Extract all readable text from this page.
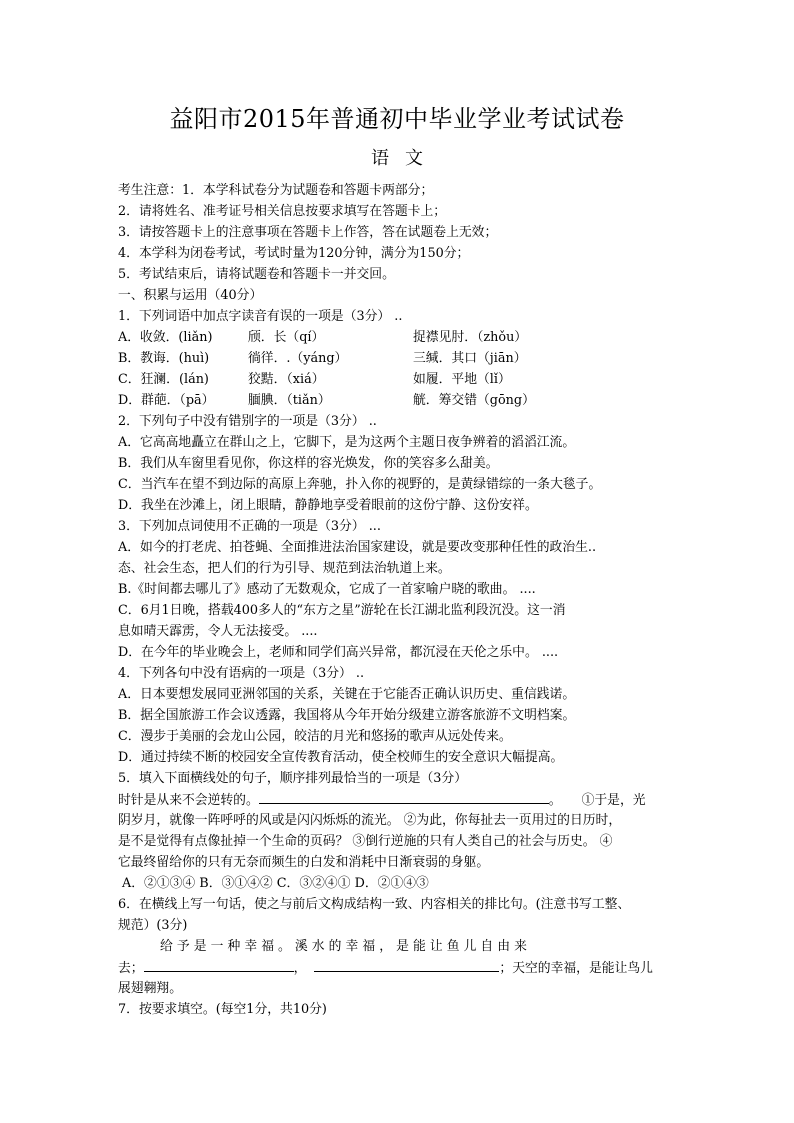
益阳市2015年普通初中毕业学业考试试卷
语 文
考生注意：1．本学科试卷分为试题卷和答题卡两部分；
2．请将姓名、准考证号相关信息按要求填写在答题卡上；
3．请按答题卡上的注意事项在答题卡上作答，答在试题卷上无效；
4．本学科为闭卷考试，考试时量为120分钟，满分为150分；
5．考试结束后，请将试题卷和答题卡一并交回。
一、积累与运用（40分）
1．下列词语中加点字读音有误的一项是（3分） ..
A．收敛．(liǎn)	颀．长（qí）	捉襟见肘．（zhǒu）
B．教诲．(huì)	徜徉．.（yáng）	三缄．其口（jiān）
C．狂澜．(lán)	狡黠．（xiá）	如履．平地（lǐ）
D．群葩．（pā）	腼腆．（tiǎn）	觥．筹交错（gōng）
2．下列句子中没有错别字的一项是（3分） ..
A．它高高地矗立在群山之上，它脚下，是为这两个主题日夜争辨着的滔滔江流。
B．我们从车窗里看见你，你这样的容光焕发，你的笑容多么甜美。
C．当汽车在望不到边际的高原上奔驰，扑入你的视野的，是黄绿错综的一条大毯子。
D．我坐在沙滩上，闭上眼睛，静静地享受着眼前的这份宁静、这份安祥。
3．下列加点词使用不正确的一项是（3分） ...
A．如今的打老虎、拍苍蝇、全面推进法治国家建设，就是要改变那种任性的政治生..
态、社会生态，把人们的行为引导、规范到法治轨道上来。
B.《时间都去哪儿了》感动了无数观众，它成了一首家喻户晓的歌曲。 ....
C．6月1日晚，搭载400多人的“东方之星”游轮在长江湖北监利段沉没。这一消
息如晴天霹雳，令人无法接受。 ....
D．在今年的毕业晚会上，老师和同学们高兴异常，都沉浸在天伦之乐中。 ....
4．下列各句中没有语病的一项是（3分） ..
A．日本要想发展同亚洲邻国的关系，关键在于它能否正确认识历史、重信践诺。
B．据全国旅游工作会议透露，我国将从今年开始分级建立游客旅游不文明档案。
C．漫步于美丽的会龙山公园，皎洁的月光和悠扬的歌声从远处传来。
D．通过持续不断的校园安全宣传教育活动，使全校师生的安全意识大幅提高。
5．填入下面横线处的句子，顺序排列最恰当的一项是（3分）
时针是从来不会逆转的。	。 ①于是，光
阴岁月，就像一阵呼呼的风或是闪闪烁烁的流光。 ②为此，你每扯去一页用过的日历时，
是不是觉得有点像扯掉一个生命的页码？ ③倒行逆施的只有人类自己的社会与历史。 ④
它最终留给你的只有无奈而频生的白发和消耗中日渐衰弱的身躯。
A．②①③④ B．③①④② C．③②④① D．②①④③
6．在横线上写一句话，使之与前后文构成结构一致、内容相关的排比句。(注意书写工整、
规范）(3分)
给 予 是 一 种 幸 福 。 溪 水 的 幸 福 ， 是 能 让 鱼 儿 自 由 来
去；	，	；天空的幸福，是能让鸟儿
展翅翱翔。
7．按要求填空。(每空1分，共10分)
